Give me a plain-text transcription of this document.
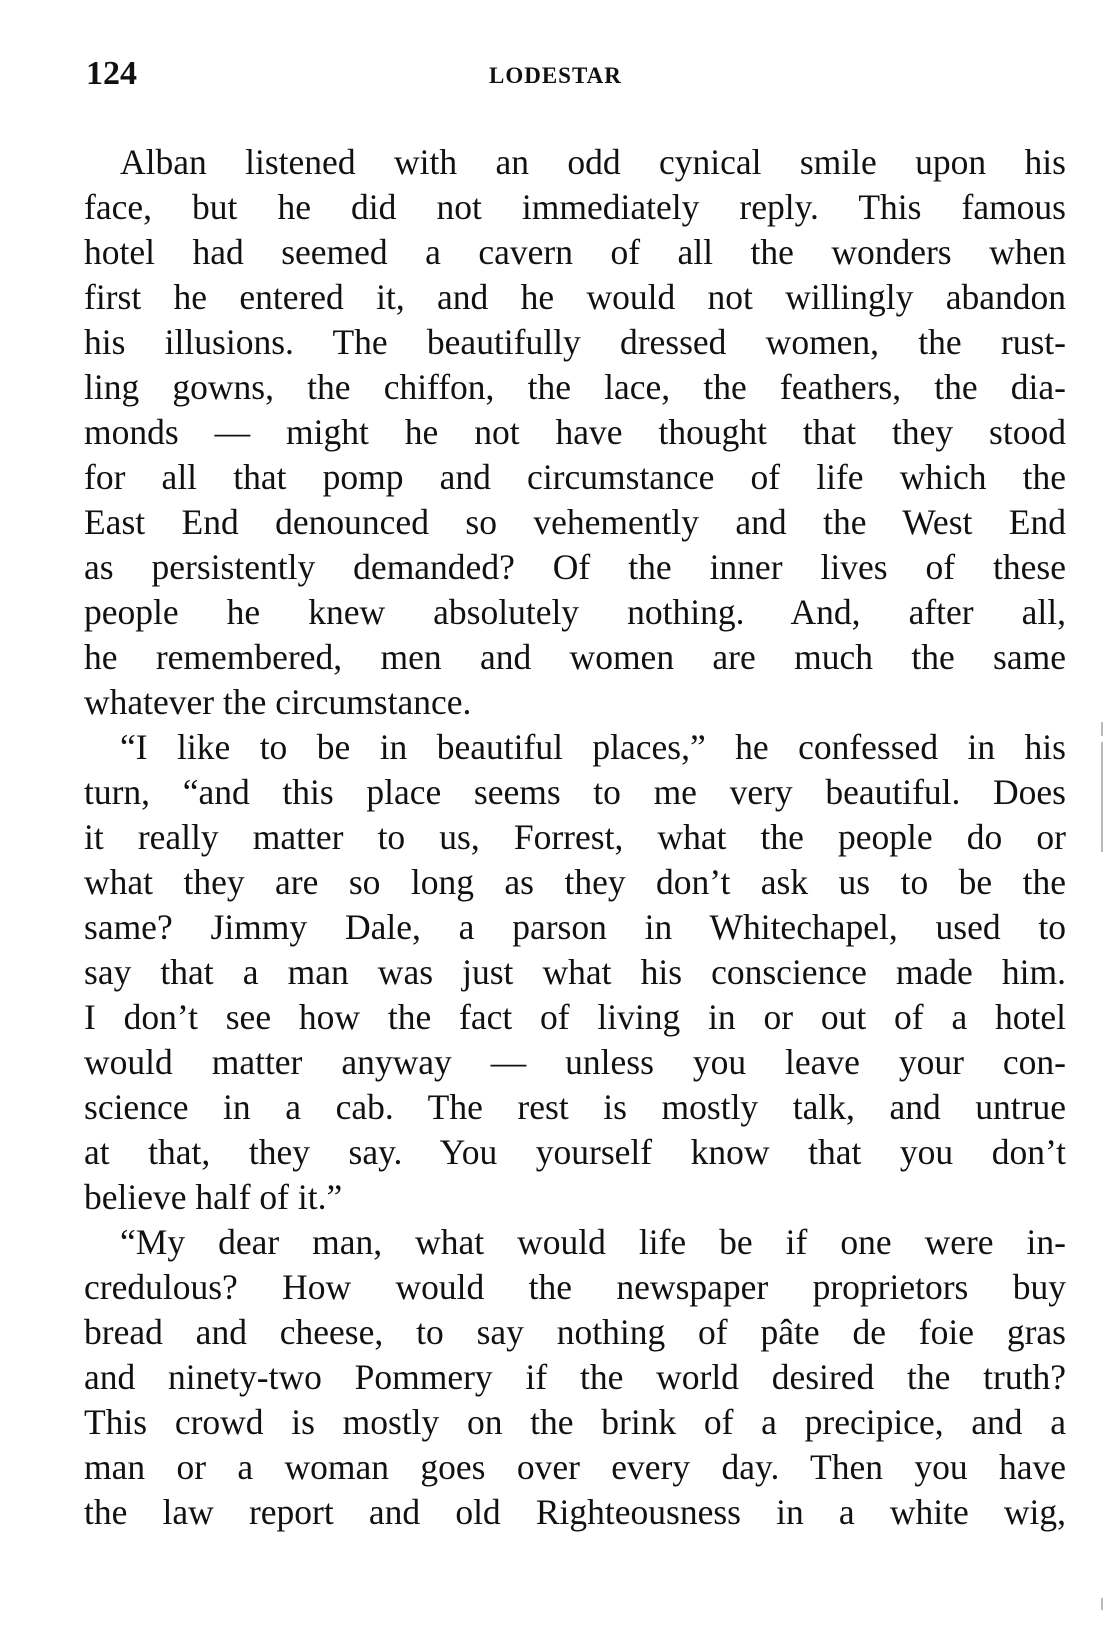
124	LODESTAR
Alban listened with an odd cynical smile upon his
face, but he did not immediately reply. This famous
hotel had seemed a cavern of all the wonders when
first he entered it, and he would not willingly abandon
his illusions. The beautifully dressed women, the rust-
ling gowns, the chiffon, the lace, the feathers, the dia-
monds — might he not have thought that they stood
for all that pomp and circumstance of life which the
East End denounced so vehemently and the West End
as persistently demanded? Of the inner lives of these
people he knew absolutely nothing. And, after all,
he remembered, men and women are much the same
whatever the circumstance.
“I like to be in beautiful places,” he confessed in his
turn, “and this place seems to me very beautiful. Does
it really matter to us, Forrest, what the people do or
what they are so long as they don’t ask us to be the
same? Jimmy Dale, a parson in Whitechapel, used to
say that a man was just what his conscience made him.
I don’t see how the fact of living in or out of a hotel
would matter anyway — unless you leave your con-
science in a cab. The rest is mostly talk, and untrue
at that, they say. You yourself know that you don’t
believe half of it.”
“My dear man, what would life be if one were in-
credulous? How would the newspaper proprietors buy
bread and cheese, to say nothing of pâte de foie gras
and ninety-two Pommery if the world desired the truth?
This crowd is mostly on the brink of a precipice, and a
man or a woman goes over every day. Then you have
the law report and old Righteousness in a white wig,
